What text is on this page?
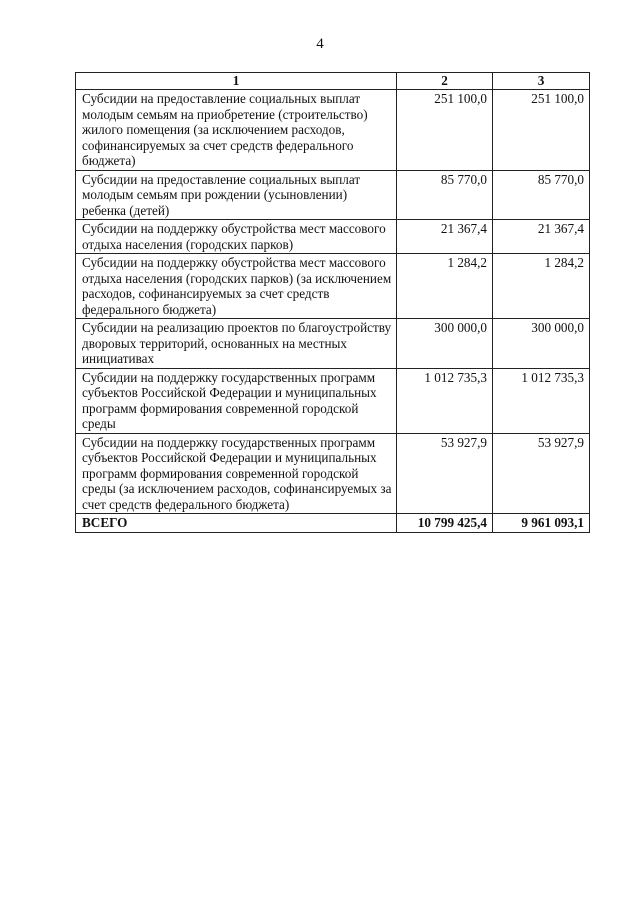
4
1	2	3
Субсидии на предоставление социальных выплат молодым семьям на приобретение (строительство) жилого помещения (за исключением расходов, софинансируемых за счет средств федерального бюджета)	251 100,0	251 100,0
Субсидии на предоставление социальных выплат молодым семьям при рождении (усыновлении) ребенка (детей)	85 770,0	85 770,0
Субсидии на поддержку обустройства мест массового отдыха населения (городских парков)	21 367,4	21 367,4
Субсидии на поддержку обустройства мест массового отдыха населения (городских парков) (за исключением расходов, софинансируемых за счет средств федерального бюджета)	1 284,2	1 284,2
Субсидии на реализацию проектов по благоустройству дворовых территорий, основанных на местных инициативах	300 000,0	300 000,0
Субсидии на поддержку государственных программ субъектов Российской Федерации и муниципальных программ формирования современной городской среды	1 012 735,3	1 012 735,3
Субсидии на поддержку государственных программ субъектов Российской Федерации и муниципальных программ формирования современной городской среды (за исключением расходов, софинансируемых за счет средств федерального бюджета)	53 927,9	53 927,9
ВСЕГО	10 799 425,4	9 961 093,1
